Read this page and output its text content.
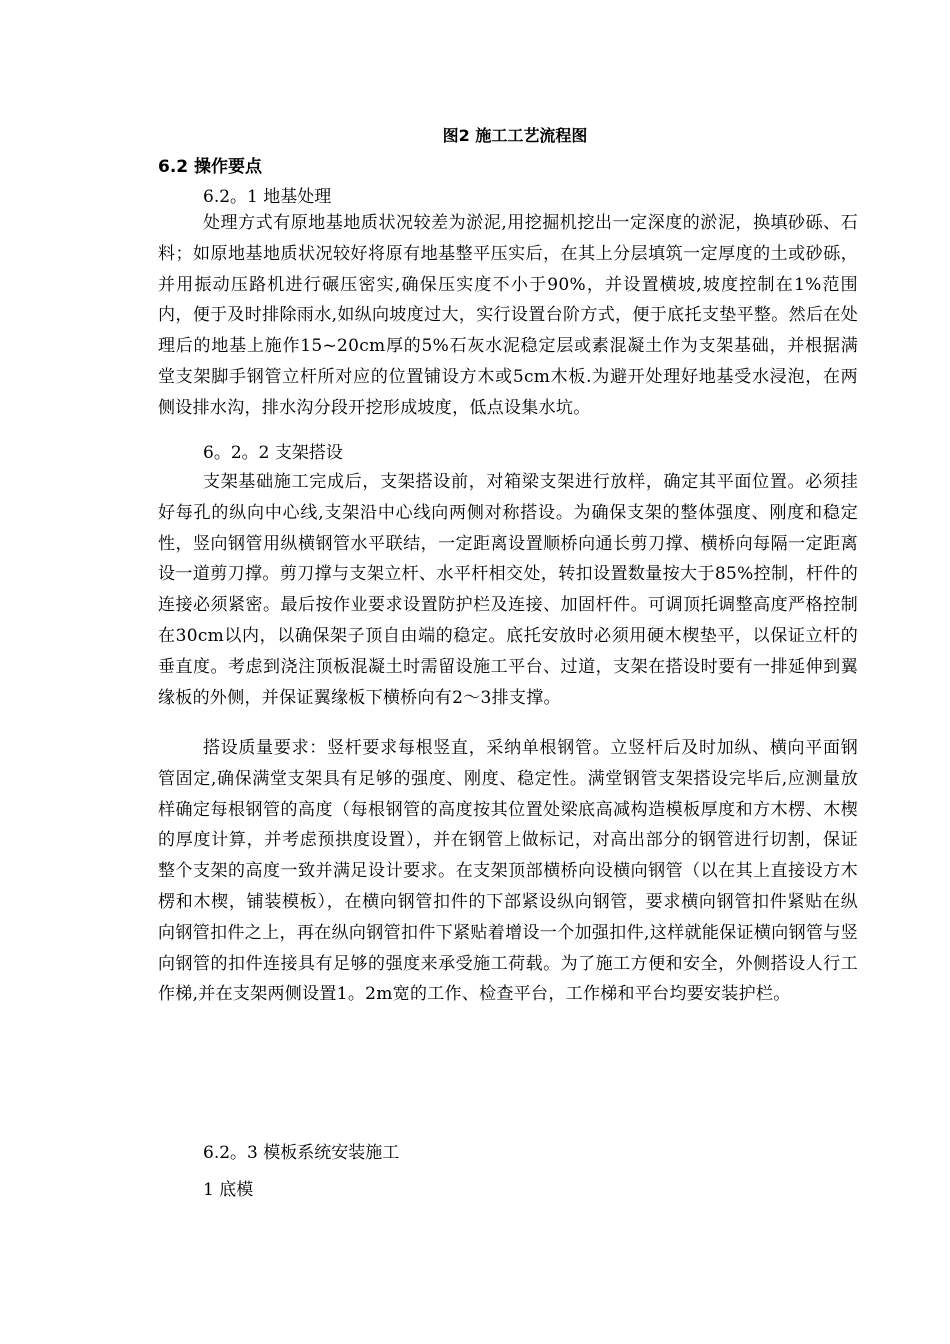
图2 施工工艺流程图
6.2 操作要点
6.2。1 地基处理
处理方式有原地基地质状况较差为淤泥,用挖掘机挖出一定深度的淤泥，换填砂砾、石料；如原地基地质状况较好将原有地基整平压实后，在其上分层填筑一定厚度的土或砂砾，并用振动压路机进行碾压密实,确保压实度不小于90%，并设置横坡,坡度控制在1%范围内，便于及时排除雨水,如纵向坡度过大，实行设置台阶方式，便于底托支垫平整。然后在处理后的地基上施作15~20cm厚的5%石灰水泥稳定层或素混凝土作为支架基础，并根据满堂支架脚手钢管立杆所对应的位置铺设方木或5cm木板.为避开处理好地基受水浸泡，在两侧设排水沟，排水沟分段开挖形成坡度，低点设集水坑。
6。2。2 支架搭设
支架基础施工完成后，支架搭设前，对箱梁支架进行放样，确定其平面位置。必须挂好每孔的纵向中心线,支架沿中心线向两侧对称搭设。为确保支架的整体强度、刚度和稳定性，竖向钢管用纵横钢管水平联结，一定距离设置顺桥向通长剪刀撑、横桥向每隔一定距离设一道剪刀撑。剪刀撑与支架立杆、水平杆相交处，转扣设置数量按大于85%控制，杆件的连接必须紧密。最后按作业要求设置防护栏及连接、加固杆件。可调顶托调整高度严格控制在30cm以内，以确保架子顶自由端的稳定。底托安放时必须用硬木楔垫平，以保证立杆的垂直度。考虑到浇注顶板混凝土时需留设施工平台、过道，支架在搭设时要有一排延伸到翼缘板的外侧，并保证翼缘板下横桥向有2～3排支撑。
搭设质量要求：竖杆要求每根竖直，采纳单根钢管。立竖杆后及时加纵、横向平面钢管固定,确保满堂支架具有足够的强度、刚度、稳定性。满堂钢管支架搭设完毕后,应测量放样确定每根钢管的高度（每根钢管的高度按其位置处梁底高减构造模板厚度和方木楞、木楔的厚度计算，并考虑预拱度设置），并在钢管上做标记，对高出部分的钢管进行切割，保证整个支架的高度一致并满足设计要求。在支架顶部横桥向设横向钢管（以在其上直接设方木楞和木楔，铺装模板），在横向钢管扣件的下部紧设纵向钢管，要求横向钢管扣件紧贴在纵向钢管扣件之上，再在纵向钢管扣件下紧贴着增设一个加强扣件,这样就能保证横向钢管与竖向钢管的扣件连接具有足够的强度来承受施工荷载。为了施工方便和安全，外侧搭设人行工作梯,并在支架两侧设置1。2m宽的工作、检查平台，工作梯和平台均要安装护栏。
6.2。3 模板系统安装施工
1 底模
